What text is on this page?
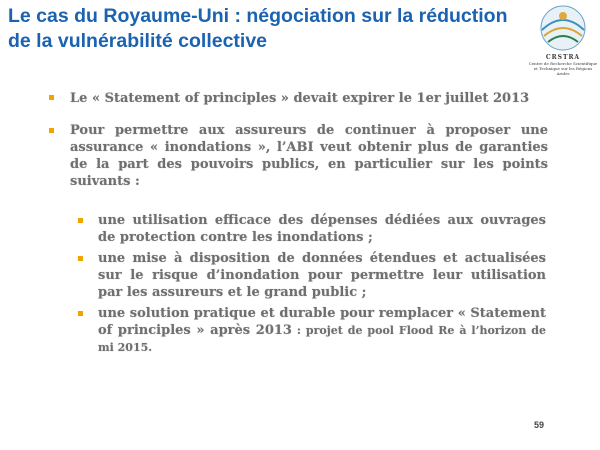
Le cas du Royaume-Uni : négociation sur la réduction de la vulnérabilité collective
CRSTRA
Centre de Recherche Scientifique et Technique sur les Régions Arides
Le « Statement of principles » devait expirer le 1er juillet 2013
Pour permettre aux assureurs de continuer à proposer une assurance « inondations », l’ABI veut obtenir plus de garanties de la part des pouvoirs publics, en particulier sur les points suivants :
une utilisation efficace des dépenses dédiées aux ouvrages de protection contre les inondations ;
une mise à disposition de données étendues et actualisées sur le risque d’inondation pour permettre leur utilisation par les assureurs et le grand public ;
une solution pratique et durable pour remplacer « Statement of principles » après 2013 : projet de pool Flood Re à l’horizon de mi 2015.
59
